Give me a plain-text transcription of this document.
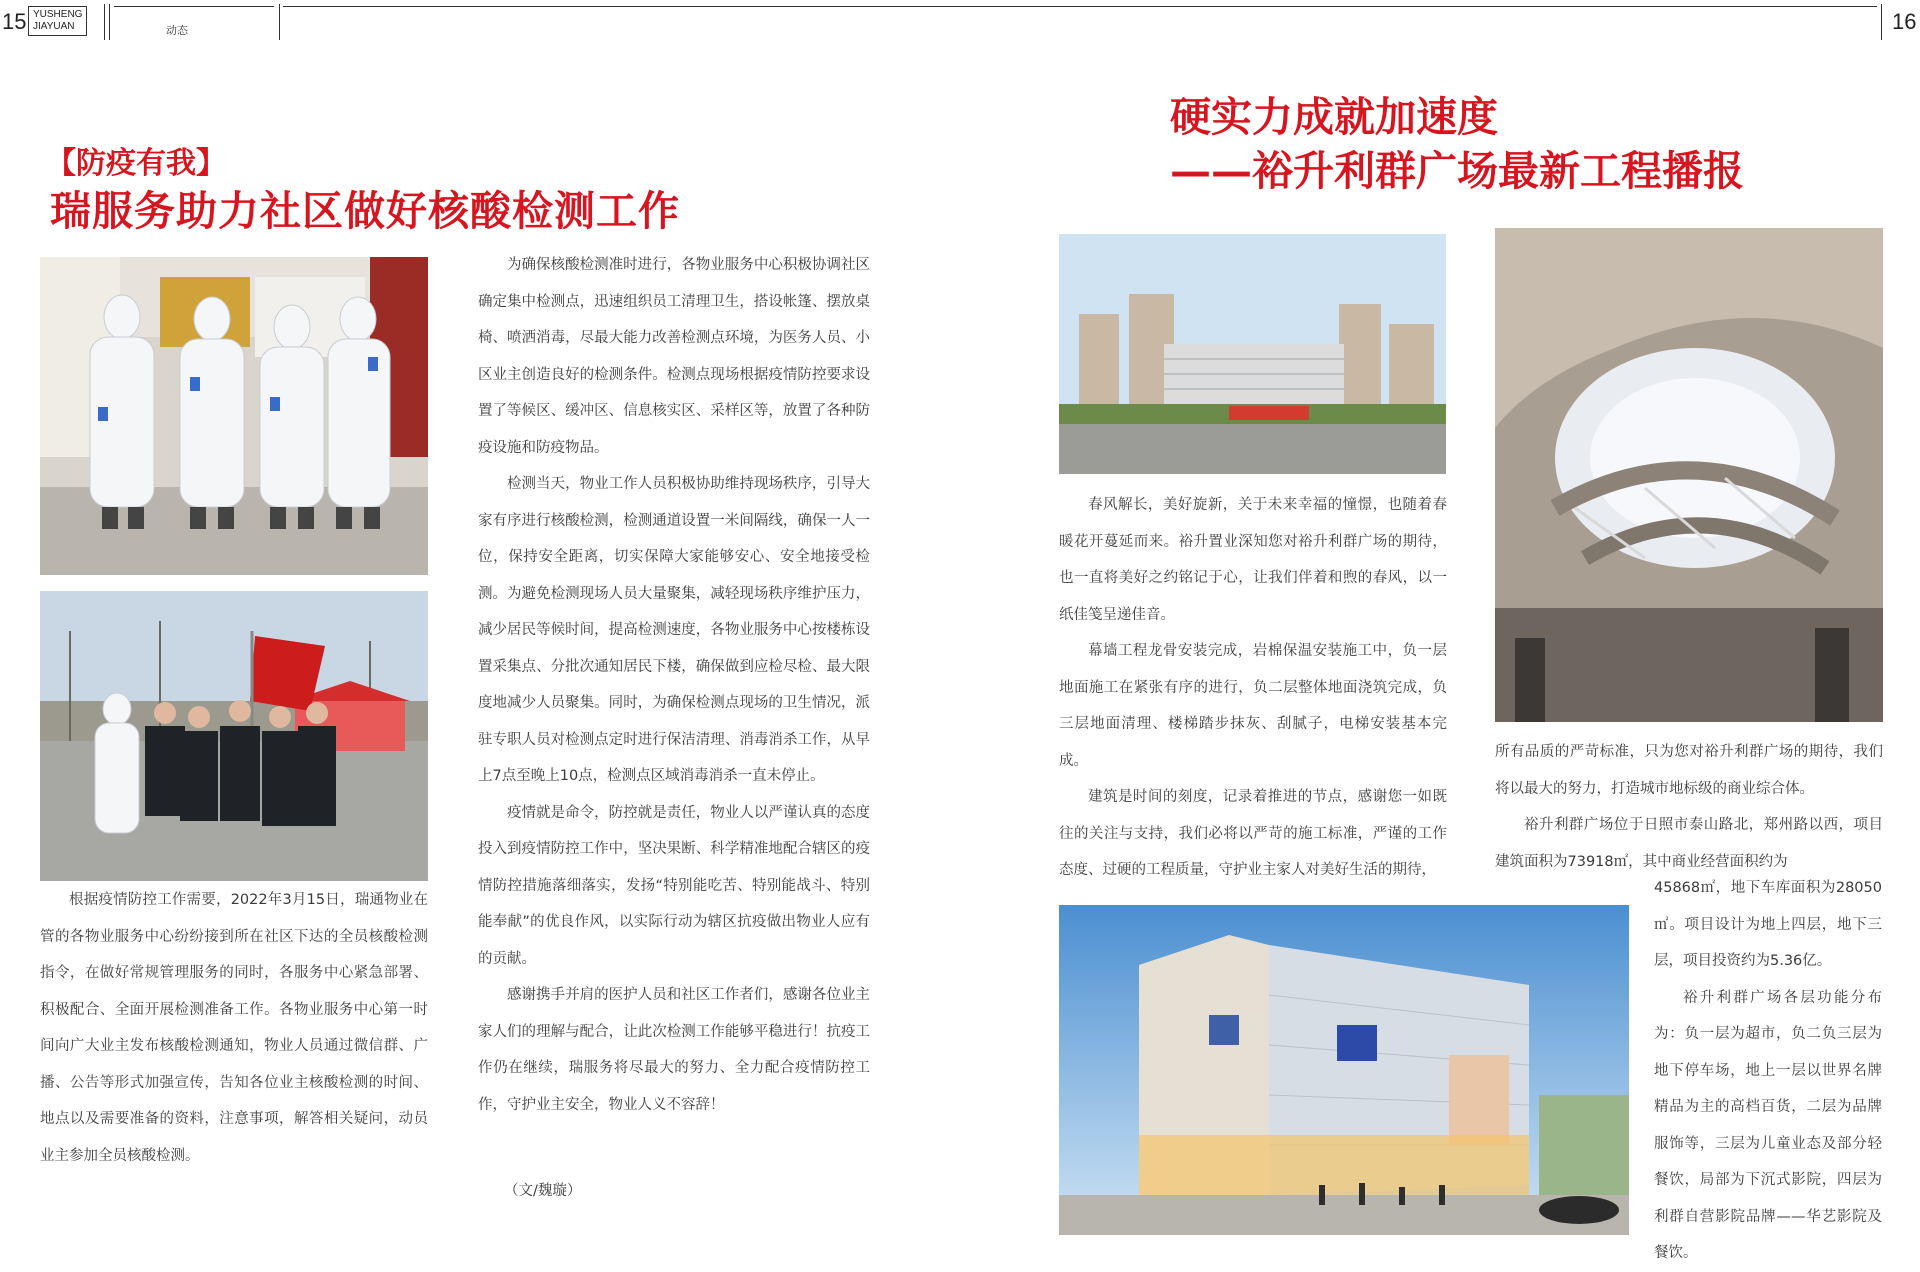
15 YUSHENG
JIAYUAN	动态	16
【防疫有我】
瑞服务助力社区做好核酸检测工作

根据疫情防控工作需要，2022年3月15日，瑞通物业在管的各物业服务中心纷纷接到所在社区下达的全员核酸检测指令，在做好常规管理服务的同时，各服务中心紧急部署、积极配合、全面开展检测准备工作。各物业服务中心第一时间向广大业主发布核酸检测通知，物业人员通过微信群、广播、公告等形式加强宣传，告知各位业主核酸检测的时间、地点以及需要准备的资料，注意事项，解答相关疑问，动员业主参加全员核酸检测。

为确保核酸检测准时进行，各物业服务中心积极协调社区确定集中检测点，迅速组织员工清理卫生，搭设帐篷、摆放桌椅、喷洒消毒，尽最大能力改善检测点环境，为医务人员、小区业主创造良好的检测条件。检测点现场根据疫情防控要求设置了等候区、缓冲区、信息核实区、采样区等，放置了各种防疫设施和防疫物品。

检测当天，物业工作人员积极协助维持现场秩序，引导大家有序进行核酸检测，检测通道设置一米间隔线，确保一人一位，保持安全距离，切实保障大家能够安心、安全地接受检测。为避免检测现场人员大量聚集，减轻现场秩序维护压力，减少居民等候时间，提高检测速度，各物业服务中心按楼栋设置采集点、分批次通知居民下楼，确保做到应检尽检、最大限度地减少人员聚集。同时，为确保检测点现场的卫生情况，派驻专职人员对检测点定时进行保洁清理、消毒消杀工作，从早上7点至晚上10点，检测点区域消毒消杀一直未停止。

疫情就是命令，防控就是责任，物业人以严谨认真的态度投入到疫情防控工作中，坚决果断、科学精准地配合辖区的疫情防控措施落细落实，发扬“特别能吃苦、特别能战斗、特别能奉献”的优良作风，以实际行动为辖区抗疫做出物业人应有的贡献。

感谢携手并肩的医护人员和社区工作者们，感谢各位业主家人们的理解与配合，让此次检测工作能够平稳进行！抗疫工作仍在继续，瑞服务将尽最大的努力、全力配合疫情防控工作，守护业主安全，物业人义不容辞！

（文/魏璇）
硬实力成就加速度
——裕升利群广场最新工程播报

春风解长，美好旋新，关于未来幸福的憧憬，也随着春暖花开蔓延而来。裕升置业深知您对裕升利群广场的期待，也一直将美好之约铭记于心，让我们伴着和煦的春风，以一纸佳笺呈递佳音。

幕墙工程龙骨安装完成，岩棉保温安装施工中，负一层地面施工在紧张有序的进行，负二层整体地面浇筑完成，负三层地面清理、楼梯踏步抹灰、刮腻子，电梯安装基本完成。

建筑是时间的刻度，记录着推进的节点，感谢您一如既往的关注与支持，我们必将以严苛的施工标准，严谨的工作态度、过硬的工程质量，守护业主家人对美好生活的期待，

所有品质的严苛标准，只为您对裕升利群广场的期待，我们将以最大的努力，打造城市地标级的商业综合体。

裕升利群广场位于日照市泰山路北，郑州路以西，项目建筑面积为73918㎡，其中商业经营面积约为

45868㎡，地下车库面积为28050㎡。项目设计为地上四层，地下三层，项目投资约为5.36亿。

裕升利群广场各层功能分布为：负一层为超市，负二负三层为地下停车场，地上一层以世界名牌精品为主的高档百货，二层为品牌服饰等，三层为儿童业态及部分轻餐饮，局部为下沉式影院，四层为利群自营影院品牌——华艺影院及餐饮。
